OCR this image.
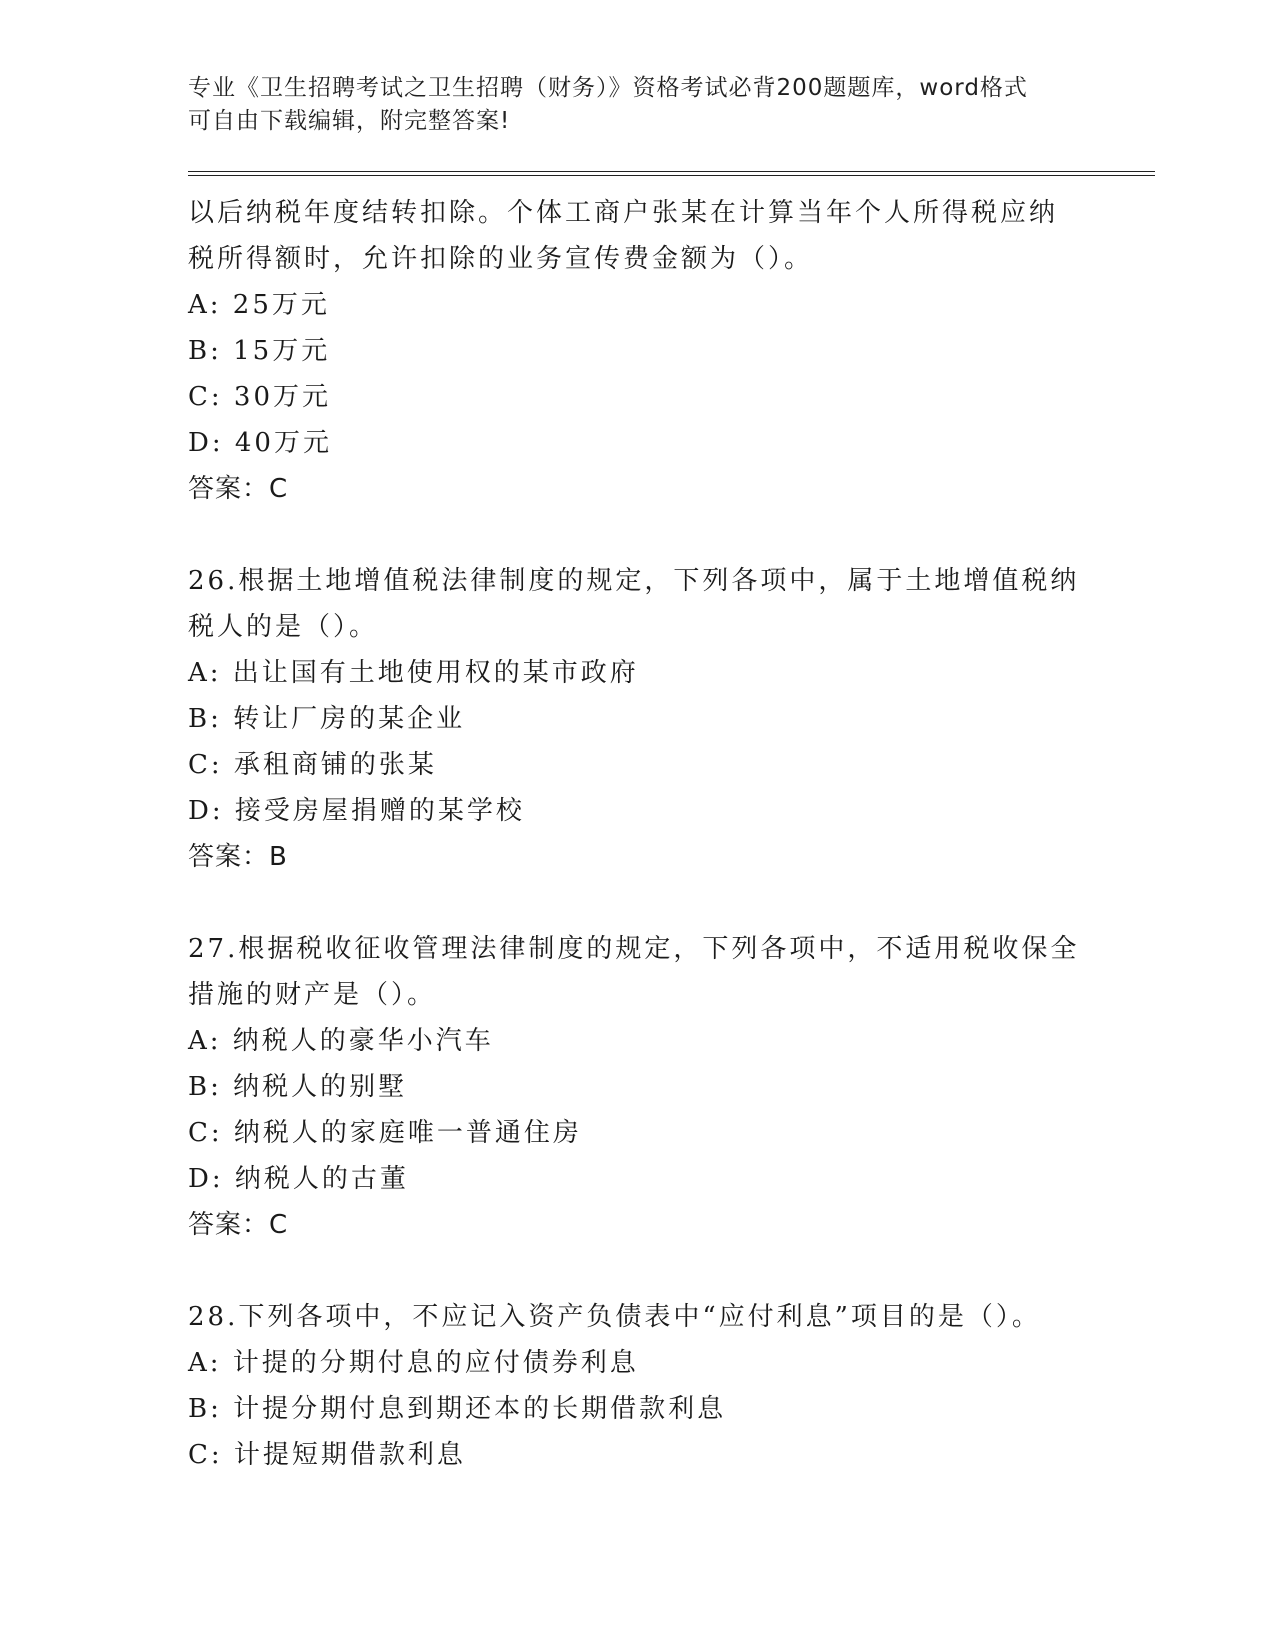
专业《卫生招聘考试之卫生招聘（财务）》资格考试必背200题题库，word格式
可自由下载编辑，附完整答案!
以后纳税年度结转扣除。个体工商户张某在计算当年个人所得税应纳
税所得额时，允许扣除的业务宣传费金额为（）。
A: 25万元
B: 15万元
C: 30万元
D: 40万元
答案：C
26.根据土地增值税法律制度的规定，下列各项中，属于土地增值税纳
税人的是（）。
A: 出让国有土地使用权的某市政府
B: 转让厂房的某企业
C: 承租商铺的张某
D: 接受房屋捐赠的某学校
答案：B
27.根据税收征收管理法律制度的规定，下列各项中，不适用税收保全
措施的财产是（）。
A: 纳税人的豪华小汽车
B: 纳税人的别墅
C: 纳税人的家庭唯一普通住房
D: 纳税人的古董
答案：C
28.下列各项中，不应记入资产负债表中“应付利息”项目的是（）。
A: 计提的分期付息的应付债券利息
B: 计提分期付息到期还本的长期借款利息
C: 计提短期借款利息
